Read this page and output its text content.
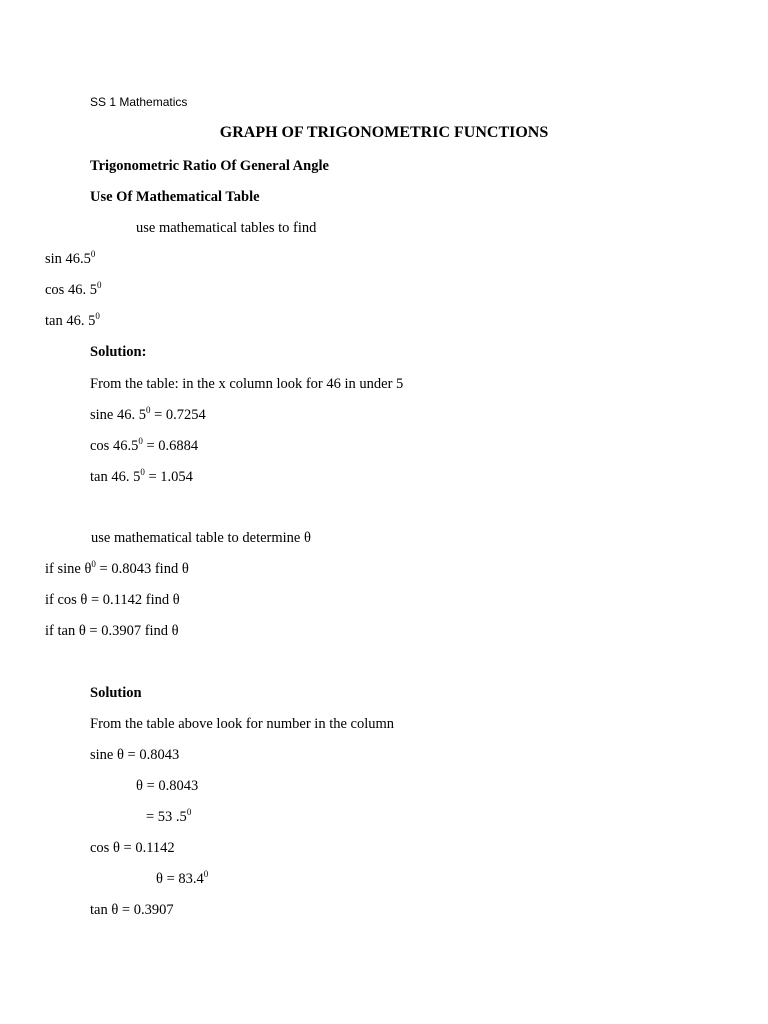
SS 1 Mathematics
GRAPH OF TRIGONOMETRIC FUNCTIONS
Trigonometric Ratio Of General Angle
Use Of Mathematical Table
use mathematical tables to find
sin 46.5$^0$
cos 46. $5^0$
tan 46. $5^0$
Solution:
From the table: in the x column look for 46 in under 5
sine 46. $5^0 = 0.7254$
$\cos 46.5^0 = 0.6884$
tan 46. $5^0 = 1.054$
use mathematical table to determine θ
if sine $\theta^0 = 0.8043$ find θ
if cos θ = 0.1142 find θ
if tan θ = 0.3907 find θ
Solution
From the table above look for number in the column
sine θ = 0.8043
θ = 0.8043
= 53 $.5^0$
cos θ = 0.1142
$\theta = 83.4^0$
tan θ = 0.3907
